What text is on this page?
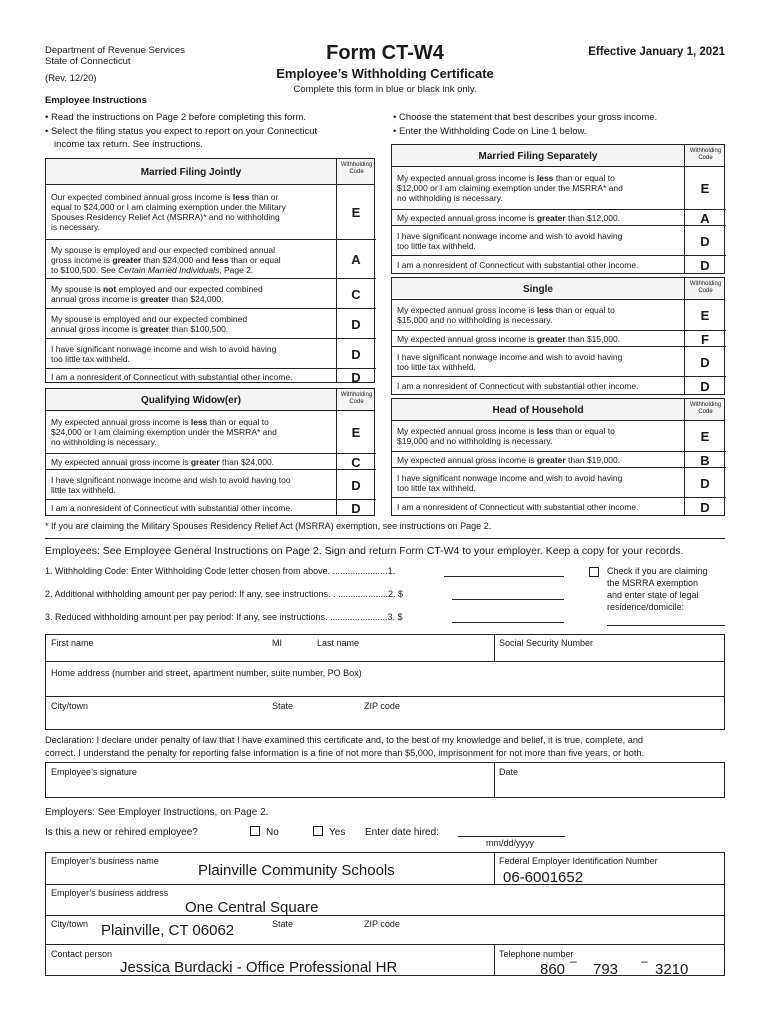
Department of Revenue Services
State of Connecticut
(Rev. 12/20)
Form CT-W4
Employee’s Withholding Certificate
Complete this form in blue or black ink only.
Effective January 1, 2021
Employee Instructions
• Read the instructions on Page 2 before completing this form.
• Select the filing status you expect to report on your Connecticut
income tax return. See instructions.
• Choose the statement that best describes your gross income.
• Enter the Withholding Code on Line 1 below.
Married Filing Jointly
Withholding Code
Our expected combined annual gross income is less than or
equal to $24,000 or I am claiming exemption under the Military
Spouses Residency Relief Act (MSRRA)* and no withholding
is necessary.
E
My spouse is employed and our expected combined annual
gross income is greater than $24,000 and less than or equal
to $100,500. See Certain Married Individuals, Page 2.
A
My spouse is not employed and our expected combined
annual gross income is greater than $24,000.	C
My spouse is employed and our expected combined
annual gross income is greater than $100,500.	D
I have significant nonwage income and wish to avoid having
too little tax withheld.	D
I am a nonresident of Connecticut with substantial other income.	D
Qualifying Widow(er)	Withholding Code
My expected annual gross income is less than or equal to
$24,000 or I am claiming exemption under the MSRRA* and
no withholding is necessary.
E
My expected annual gross income is greater than $24,000.	C
I have significant nonwage income and wish to avoid having too
little tax withheld.	D
I am a nonresident of Connecticut with substantial other income.	D
Married Filing Separately	Withholding Code
My expected annual gross income is less than or equal to
$12,000 or I am claiming exemption under the MSRRA* and
no withholding is necessary.
E
My expected annual gross income is greater than $12,000.	A
I have significant nonwage income and wish to avoid having
too little tax withheld.	D
I am a nonresident of Connecticut with substantial other income.	D
Single	Withholding Code
My expected annual gross income is less than or equal to
$15,000 and no withholding is necessary.	E
My expected annual gross income is greater than $15,000.	F
I have significant nonwage income and wish to avoid having
too little tax withheld.	D
I am a nonresident of Connecticut with substantial other income.	D
Head of Household	Withholding Code
My expected annual gross income is less than or equal to
$19,000 and no withholding is necessary.	E
My expected annual gross income is greater than $19,000.	B
I have significant nonwage income and wish to avoid having
too little tax withheld.	D
I am a nonresident of Connecticut with substantial other income.	D
* If you are claiming the Military Spouses Residency Relief Act (MSRRA) exemption, see instructions on Page 2.
Employees: See Employee General Instructions on Page 2. Sign and return Form CT-W4 to your employer. Keep a copy for your records.
1. Withholding Code: Enter Withholding Code letter chosen from above. ......................1.
2. Additional withholding amount per pay period: If any, see instructions. . ....................2. $
3. Reduced withholding amount per pay period: If any, see instructions. .......................3. $
Check if you are claiming
the MSRRA exemption
and enter state of legal
residence/domicile:
First name	MI	Last name	Social Security Number
Home address (number and street, apartment number, suite number, PO Box)
City/town	State	ZIP code
Declaration: I declare under penalty of law that I have examined this certificate and, to the best of my knowledge and belief, it is true, complete, and
correct. I understand the penalty for reporting false information is a fine of not more than $5,000, imprisonment for not more than five years, or both.
Employee’s signature	Date
Employers: See Employer Instructions, on Page 2.
Is this a new or rehired employee?	No	Yes Enter date hired:
mm/dd/yyyy
Employer’s business name
Plainville Community Schools
Federal Employer Identification Number
06-6001652
Employer’s business address
One Central Square
City/town Plainville, CT 06062	State	ZIP code
Contact person
Jessica Burdacki - Office Professional HR
Telephone number
860 – 793 – 3210
